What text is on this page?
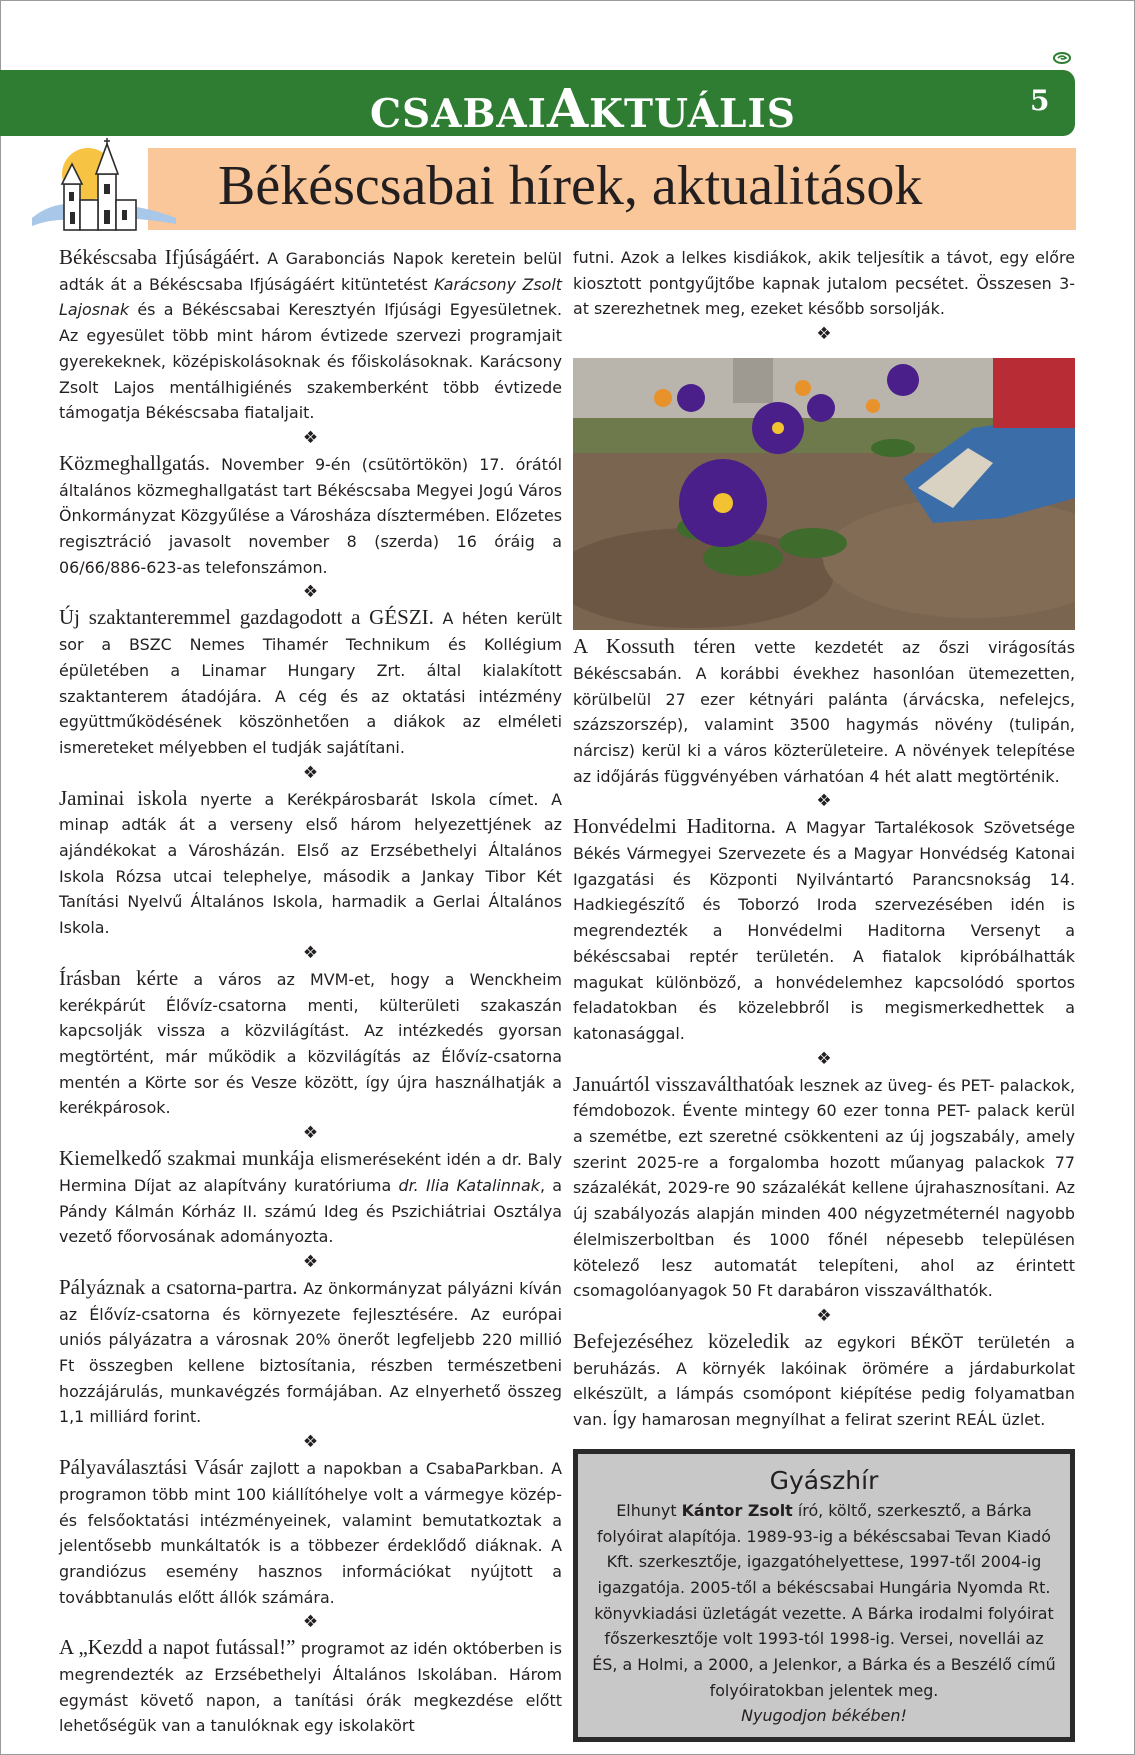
CSABAIAKTUÁLIS	5
Békéscsabai hírek, aktualitások
Békéscsaba Ifjúságáért. A Garabonciás Napok keretein belül adták át a Békéscsaba Ifjúságáért kitüntetést Karácsony Zsolt Lajosnak és a Békéscsabai Keresztyén Ifjúsági Egyesületnek. Az egyesület több mint három évtizede szervezi programjait gyerekeknek, középiskolásoknak és főiskolásoknak. Karácsony Zsolt Lajos mentálhigiénés szakemberként több évtizede támogatja Békéscsaba fiataljait.
❖
Közmeghallgatás. November 9-én (csütörtökön) 17. órától általános közmeghallgatást tart Békéscsaba Megyei Jogú Város Önkormányzat Közgyűlése a Városháza dísztermében. Előzetes regisztráció javasolt november 8 (szerda) 16 óráig a 06/66/886-623-as telefonszámon.
❖
Új szaktanteremmel gazdagodott a GÉSZI. A héten került sor a BSZC Nemes Tihamér Technikum és Kollégium épületében a Linamar Hungary Zrt. által kialakított szaktanterem átadójára. A cég és az oktatási intézmény együttműködésének köszönhetően a diákok az elméleti ismereteket mélyebben el tudják sajátítani.
❖
Jaminai iskola nyerte a Kerékpárosbarát Iskola címet. A minap adták át a verseny első három helyezettjének az ajándékokat a Városházán. Első az Erzsébethelyi Általános Iskola Rózsa utcai telephelye, második a Jankay Tibor Két Tanítási Nyelvű Általános Iskola, harmadik a Gerlai Általános Iskola.
❖
Írásban kérte a város az MVM-et, hogy a Wenckheim kerékpárút Élővíz-csatorna menti, külterületi szakaszán kapcsolják vissza a közvilágítást. Az intézkedés gyorsan megtörtént, már működik a közvilágítás az Élővíz-csatorna mentén a Körte sor és Vesze között, így újra használhatják a kerékpárosok.
❖
Kiemelkedő szakmai munkája elismeréseként idén a dr. Baly Hermina Díjat az alapítvány kuratóriuma dr. Ilia Katalinnak, a Pándy Kálmán Kórház II. számú Ideg és Pszichiátriai Osztálya vezető főorvosának adományozta.
❖
Pályáznak a csatorna-partra. Az önkormányzat pályázni kíván az Élővíz-csatorna és környezete fejlesztésére. Az európai uniós pályázatra a városnak 20% önerőt legfeljebb 220 millió Ft összegben kellene biztosítania, részben természetbeni hozzájárulás, munkavégzés formájában. Az elnyerhető összeg 1,1 milliárd forint.
❖
Pályaválasztási Vásár zajlott a napokban a CsabaParkban. A programon több mint 100 kiállítóhelye volt a vármegye közép- és felsőoktatási intézményeinek, valamint bemutatkoztak a jelentősebb munkáltatók is a többezer érdeklődő diáknak. A grandiózus esemény hasznos információkat nyújtott a továbbtanulás előtt állók számára.
❖
A „Kezdd a napot futással!” programot az idén októberben is megrendezték az Erzsébethelyi Általános Iskolában. Három egymást követő napon, a tanítási órák megkezdése előtt lehetőségük van a tanulóknak egy iskolakört
futni. Azok a lelkes kisdiákok, akik teljesítik a távot, egy előre kiosztott pontgyűjtőbe kapnak jutalom pecsétet. Összesen 3-at szerezhetnek meg, ezeket később sorsolják.
❖
A Kossuth téren vette kezdetét az őszi virágosítás Békéscsabán. A korábbi évekhez hasonlóan ütemezetten, körülbelül 27 ezer kétnyári palánta (árvácska, nefelejcs, százszorszép), valamint 3500 hagymás növény (tulipán, nárcisz) kerül ki a város közterületeire. A növények telepítése az időjárás függvényében várhatóan 4 hét alatt megtörténik.
❖
Honvédelmi Haditorna. A Magyar Tartalékosok Szövetsége Békés Vármegyei Szervezete és a Magyar Honvédség Katonai Igazgatási és Központi Nyilvántartó Parancsnokság 14. Hadkiegészítő és Toborzó Iroda szervezésében idén is megrendezték a Honvédelmi Haditorna Versenyt a békéscsabai reptér területén. A fiatalok kipróbálhatták magukat különböző, a honvédelemhez kapcsolódó sportos feladatokban és közelebbről is megismerkedhettek a katonasággal.
❖
Januártól visszaválthatóak lesznek az üveg- és PET- palackok, fémdobozok. Évente mintegy 60 ezer tonna PET- palack kerül a szemétbe, ezt szeretné csökkenteni az új jogszabály, amely szerint 2025-re a forgalomba hozott műanyag palackok 77 százalékát, 2029-re 90 százalékát kellene újrahasznosítani. Az új szabályozás alapján minden 400 négyzetméternél nagyobb élelmiszerboltban és 1000 főnél népesebb településen kötelező lesz automatát telepíteni, ahol az érintett csomagolóanyagok 50 Ft darabáron visszaválthatók.
❖
Befejezéséhez közeledik az egykori BÉKÖT területén a beruházás. A környék lakóinak örömére a járdaburkolat elkészült, a lámpás csomópont kiépítése pedig folyamatban van. Így hamarosan megnyílhat a felirat szerint REÁL üzlet.
Gyászhír
Elhunyt Kántor Zsolt író, költő, szerkesztő, a Bárka folyóirat alapítója. 1989-93-ig a békéscsabai Tevan Kiadó Kft. szerkesztője, igazgatóhelyettese, 1997-től 2004-ig igazgatója. 2005-től a békéscsabai Hungária Nyomda Rt. könyvkiadási üzletágát vezette. A Bárka irodalmi folyóirat főszerkesztője volt 1993-tól 1998-ig. Versei, novellái az ÉS, a Holmi, a 2000, a Jelenkor, a Bárka és a Beszélő című folyóiratokban jelentek meg.
Nyugodjon békében!
